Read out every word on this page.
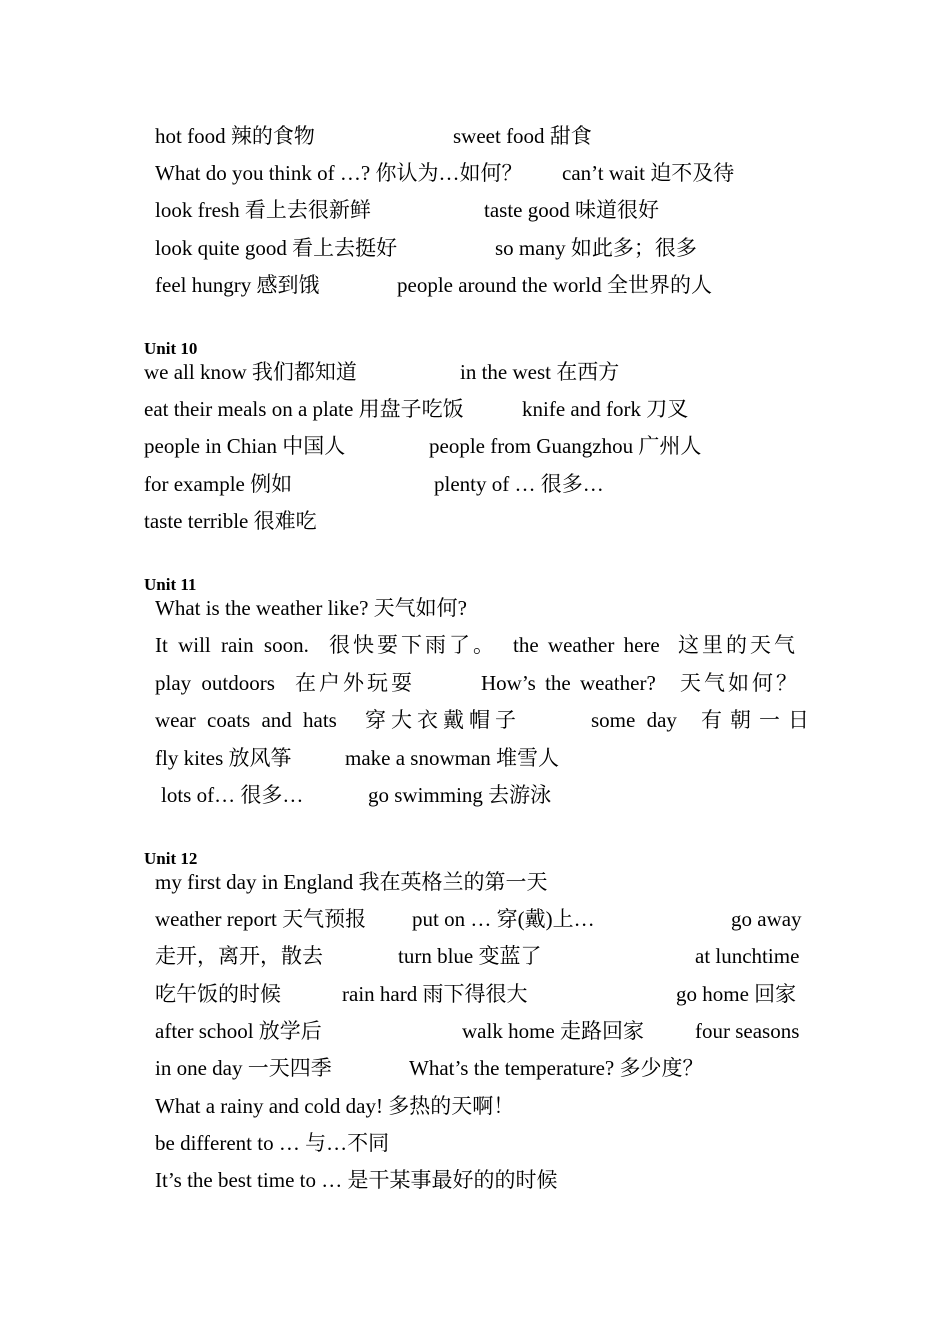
hot food 辣的食物	sweet food 甜食
What do you think of …? 你认为…如何？ can’t wait 迫不及待
look fresh 看上去很新鲜	taste good 味道很好
look quite good 看上去挺好	so many 如此多；很多
feel hungry 感到饿	people around the world 全世界的人
Unit 10
we all know 我们都知道	in the west 在西方
eat their meals on a plate 用盘子吃饭	knife and fork 刀叉
people in Chian 中国人	people from Guangzhou 广州人
for example 例如	plenty of … 很多…
taste terrible 很难吃
Unit 11
What is the weather like? 天气如何?
It will rain soon. 很快要下雨了。 the weather here 这里的天气
play outdoors 在户外玩耍	How’s the weather? 天气如何？
wear coats and hats 穿大衣戴帽子	some day 有朝一日
fly kites 放风筝	make a snowman 堆雪人
lots of… 很多…	go swimming 去游泳
Unit 12
my first day in England 我在英格兰的第一天
weather report 天气预报 put on … 穿(戴)上…	go away
走开，离开，散去	turn blue 变蓝了	at lunchtime
吃午饭的时候	rain hard 雨下得很大	go home 回家
after school 放学后	walk home 走路回家 four seasons
in one day 一天四季	What’s the temperature? 多少度？
What a rainy and cold day! 多热的天啊！
be different to … 与…不同
It’s the best time to … 是干某事最好的的时候
